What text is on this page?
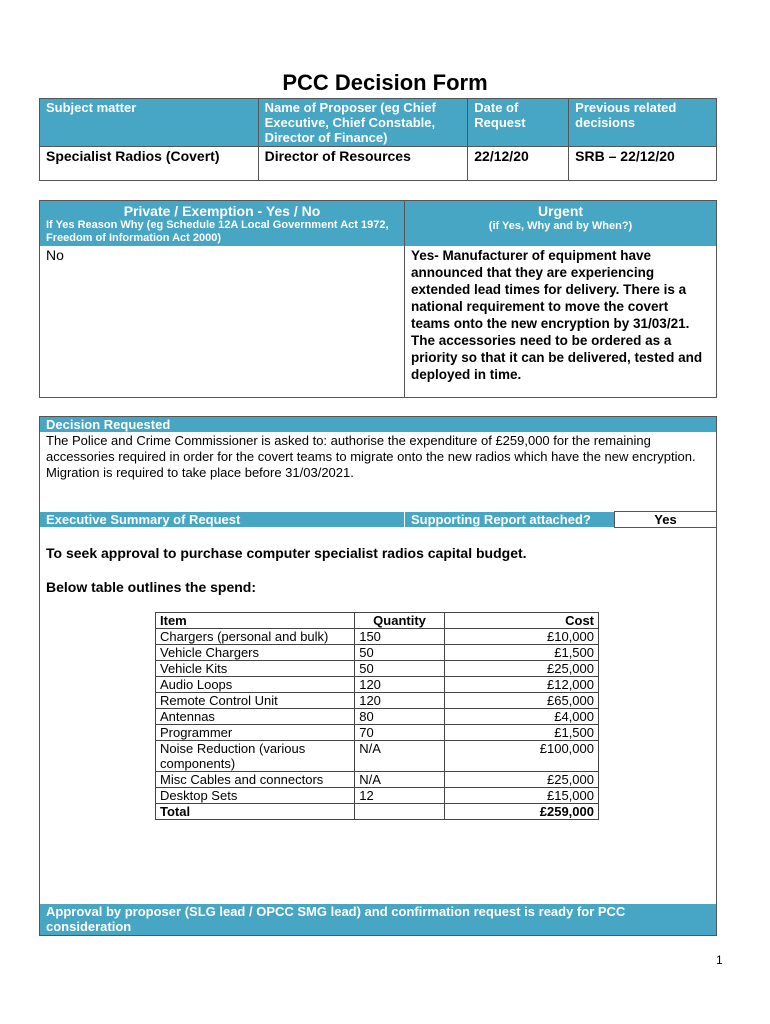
PCC Decision Form
Subject matter	Name of Proposer (eg Chief Executive, Chief Constable, Director of Finance)	Date of Request	Previous related decisions
Specialist Radios (Covert)	Director of Resources	22/12/20	SRB – 22/12/20
Private / Exemption - Yes / No
If Yes Reason Why (eg Schedule 12A Local Government Act 1972, Freedom of Information Act 2000)
Urgent
(if Yes, Why and by When?)
No	Yes- Manufacturer of equipment have announced that they are experiencing extended lead times for delivery. There is a national requirement to move the covert teams onto the new encryption by 31/03/21. The accessories need to be ordered as a priority so that it can be delivered, tested and deployed in time.
Decision Requested
The Police and Crime Commissioner is asked to: authorise the expenditure of £259,000 for the remaining accessories required in order for the covert teams to migrate onto the new radios which have the new encryption. Migration is required to take place before 31/03/2021.
Executive Summary of Request	Supporting Report attached?	Yes
To seek approval to purchase computer specialist radios capital budget.
Below table outlines the spend:
Item	Quantity	Cost
Chargers (personal and bulk)	150	£10,000
Vehicle Chargers	50	£1,500
Vehicle Kits	50	£25,000
Audio Loops	120	£12,000
Remote Control Unit	120	£65,000
Antennas	80	£4,000
Programmer	70	£1,500
Noise Reduction (various components)	N/A	£100,000
Misc Cables and connectors	N/A	£25,000
Desktop Sets	12	£15,000
Total		£259,000
Approval by proposer (SLG lead / OPCC SMG lead) and confirmation request is ready for PCC consideration
1
